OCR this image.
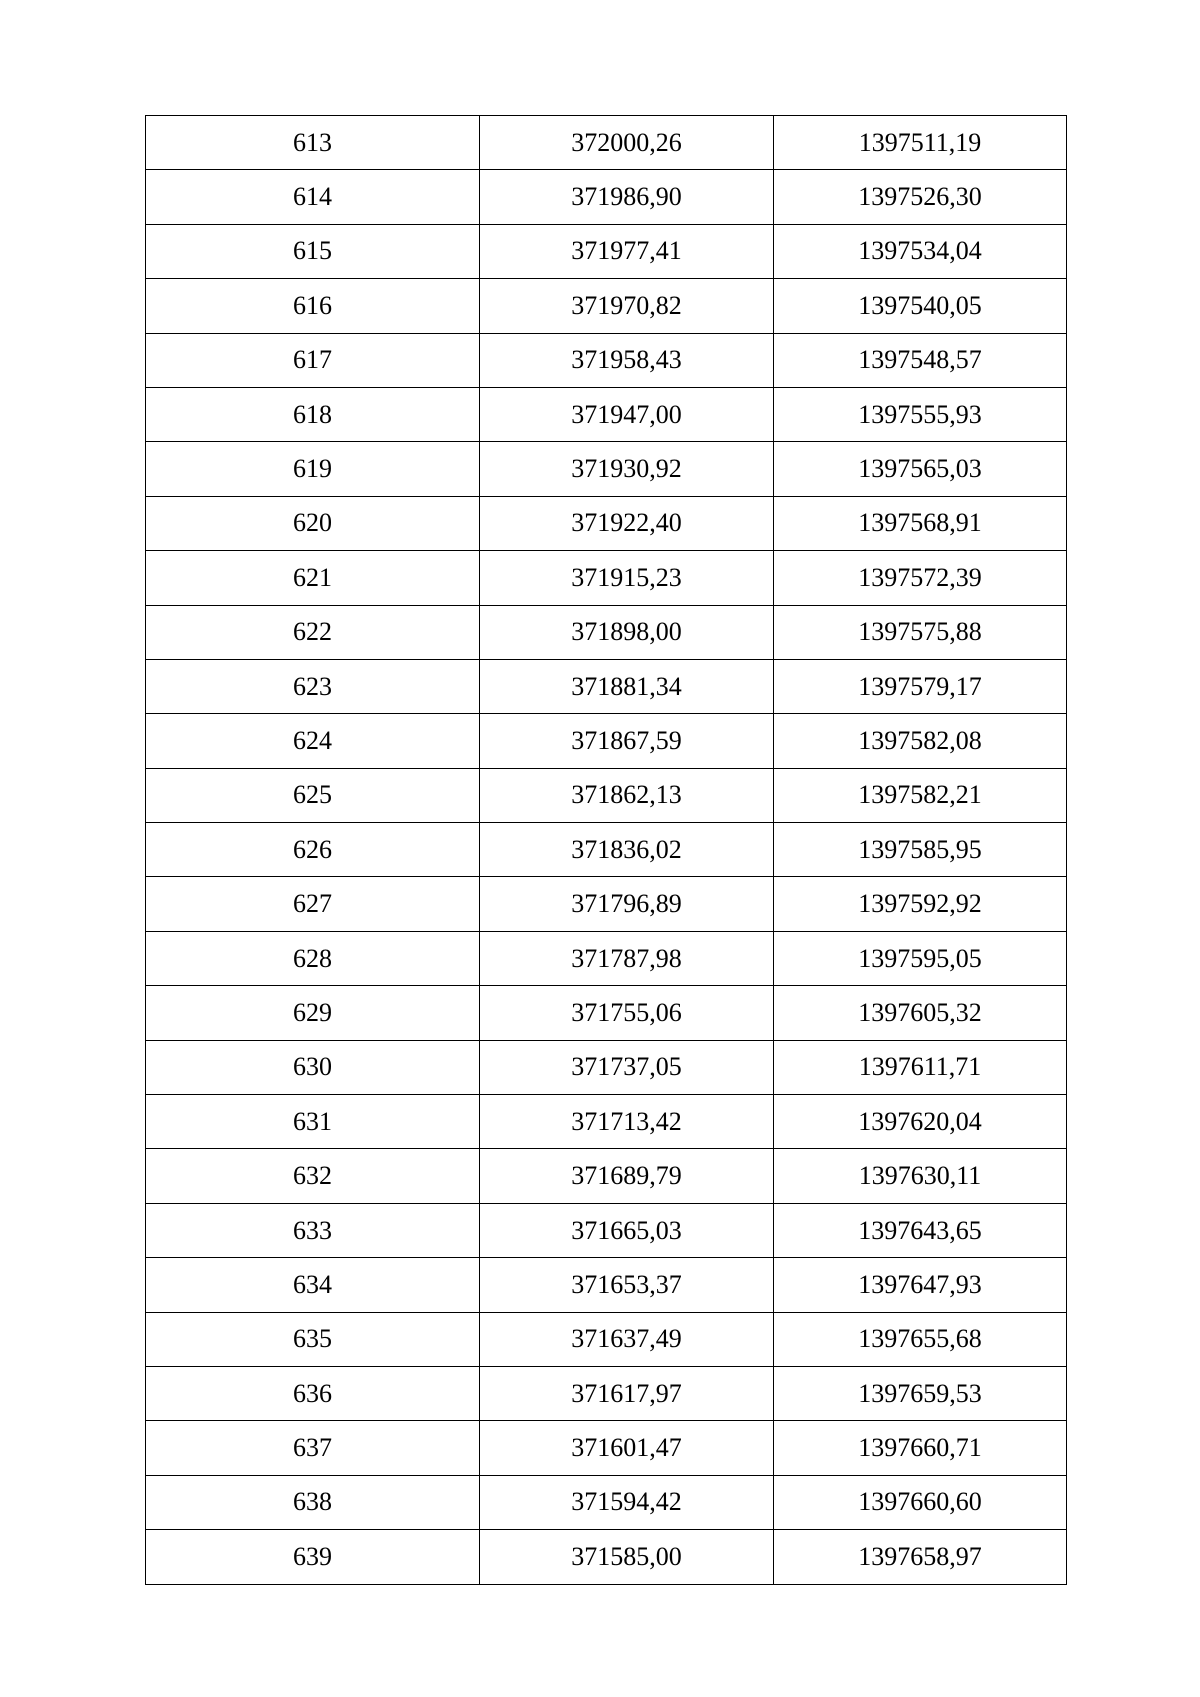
613	372000,26	1397511,19
614	371986,90	1397526,30
615	371977,41	1397534,04
616	371970,82	1397540,05
617	371958,43	1397548,57
618	371947,00	1397555,93
619	371930,92	1397565,03
620	371922,40	1397568,91
621	371915,23	1397572,39
622	371898,00	1397575,88
623	371881,34	1397579,17
624	371867,59	1397582,08
625	371862,13	1397582,21
626	371836,02	1397585,95
627	371796,89	1397592,92
628	371787,98	1397595,05
629	371755,06	1397605,32
630	371737,05	1397611,71
631	371713,42	1397620,04
632	371689,79	1397630,11
633	371665,03	1397643,65
634	371653,37	1397647,93
635	371637,49	1397655,68
636	371617,97	1397659,53
637	371601,47	1397660,71
638	371594,42	1397660,60
639	371585,00	1397658,97
